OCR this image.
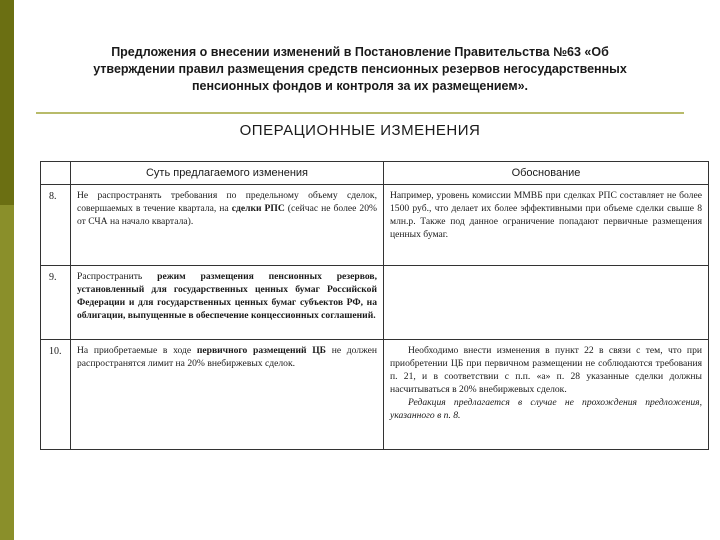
Предложения о внесении изменений в Постановление Правительства №63 «Об
утверждении правил размещения средств пенсионных резервов негосударственных
пенсионных фондов и контроля за их размещением».
ОПЕРАЦИОННЫЕ ИЗМЕНЕНИЯ
	Суть предлагаемого изменения	Обоснование
8.	Не распространять требования по предельному объему сделок, совершаемых в течение квартала, на сделки РПС (сейчас не более 20% от СЧА на начало квартала).	Например, уровень комиссии ММВБ при сделках РПС составляет не более 1500 руб., что делает их более эффективными при объеме сделки свыше 8 млн.р. Также под данное ограничение попадают первичные размещения ценных бумаг.

9.	Распространить режим размещения пенсионных резервов, установленный для государственных ценных бумаг Российской Федерации и для государственных ценных бумаг субъектов РФ, на облигации, выпущенные в обеспечение концессионных соглашений.	

10.	На приобретаемые в ходе первичного размещений ЦБ не должен распространятся лимит на 20% внебиржевых сделок.	Необходимо внести изменения в пункт 22 в связи с тем, что при приобретении ЦБ при первичном размещении не соблюдаются требования п. 21, и в соответствии с п.п. «а» п. 28 указанные сделки должны насчитываться в 20% внебиржевых сделок.

Редакция предлагается в случае не прохождения предложения, указанного в п. 8.
